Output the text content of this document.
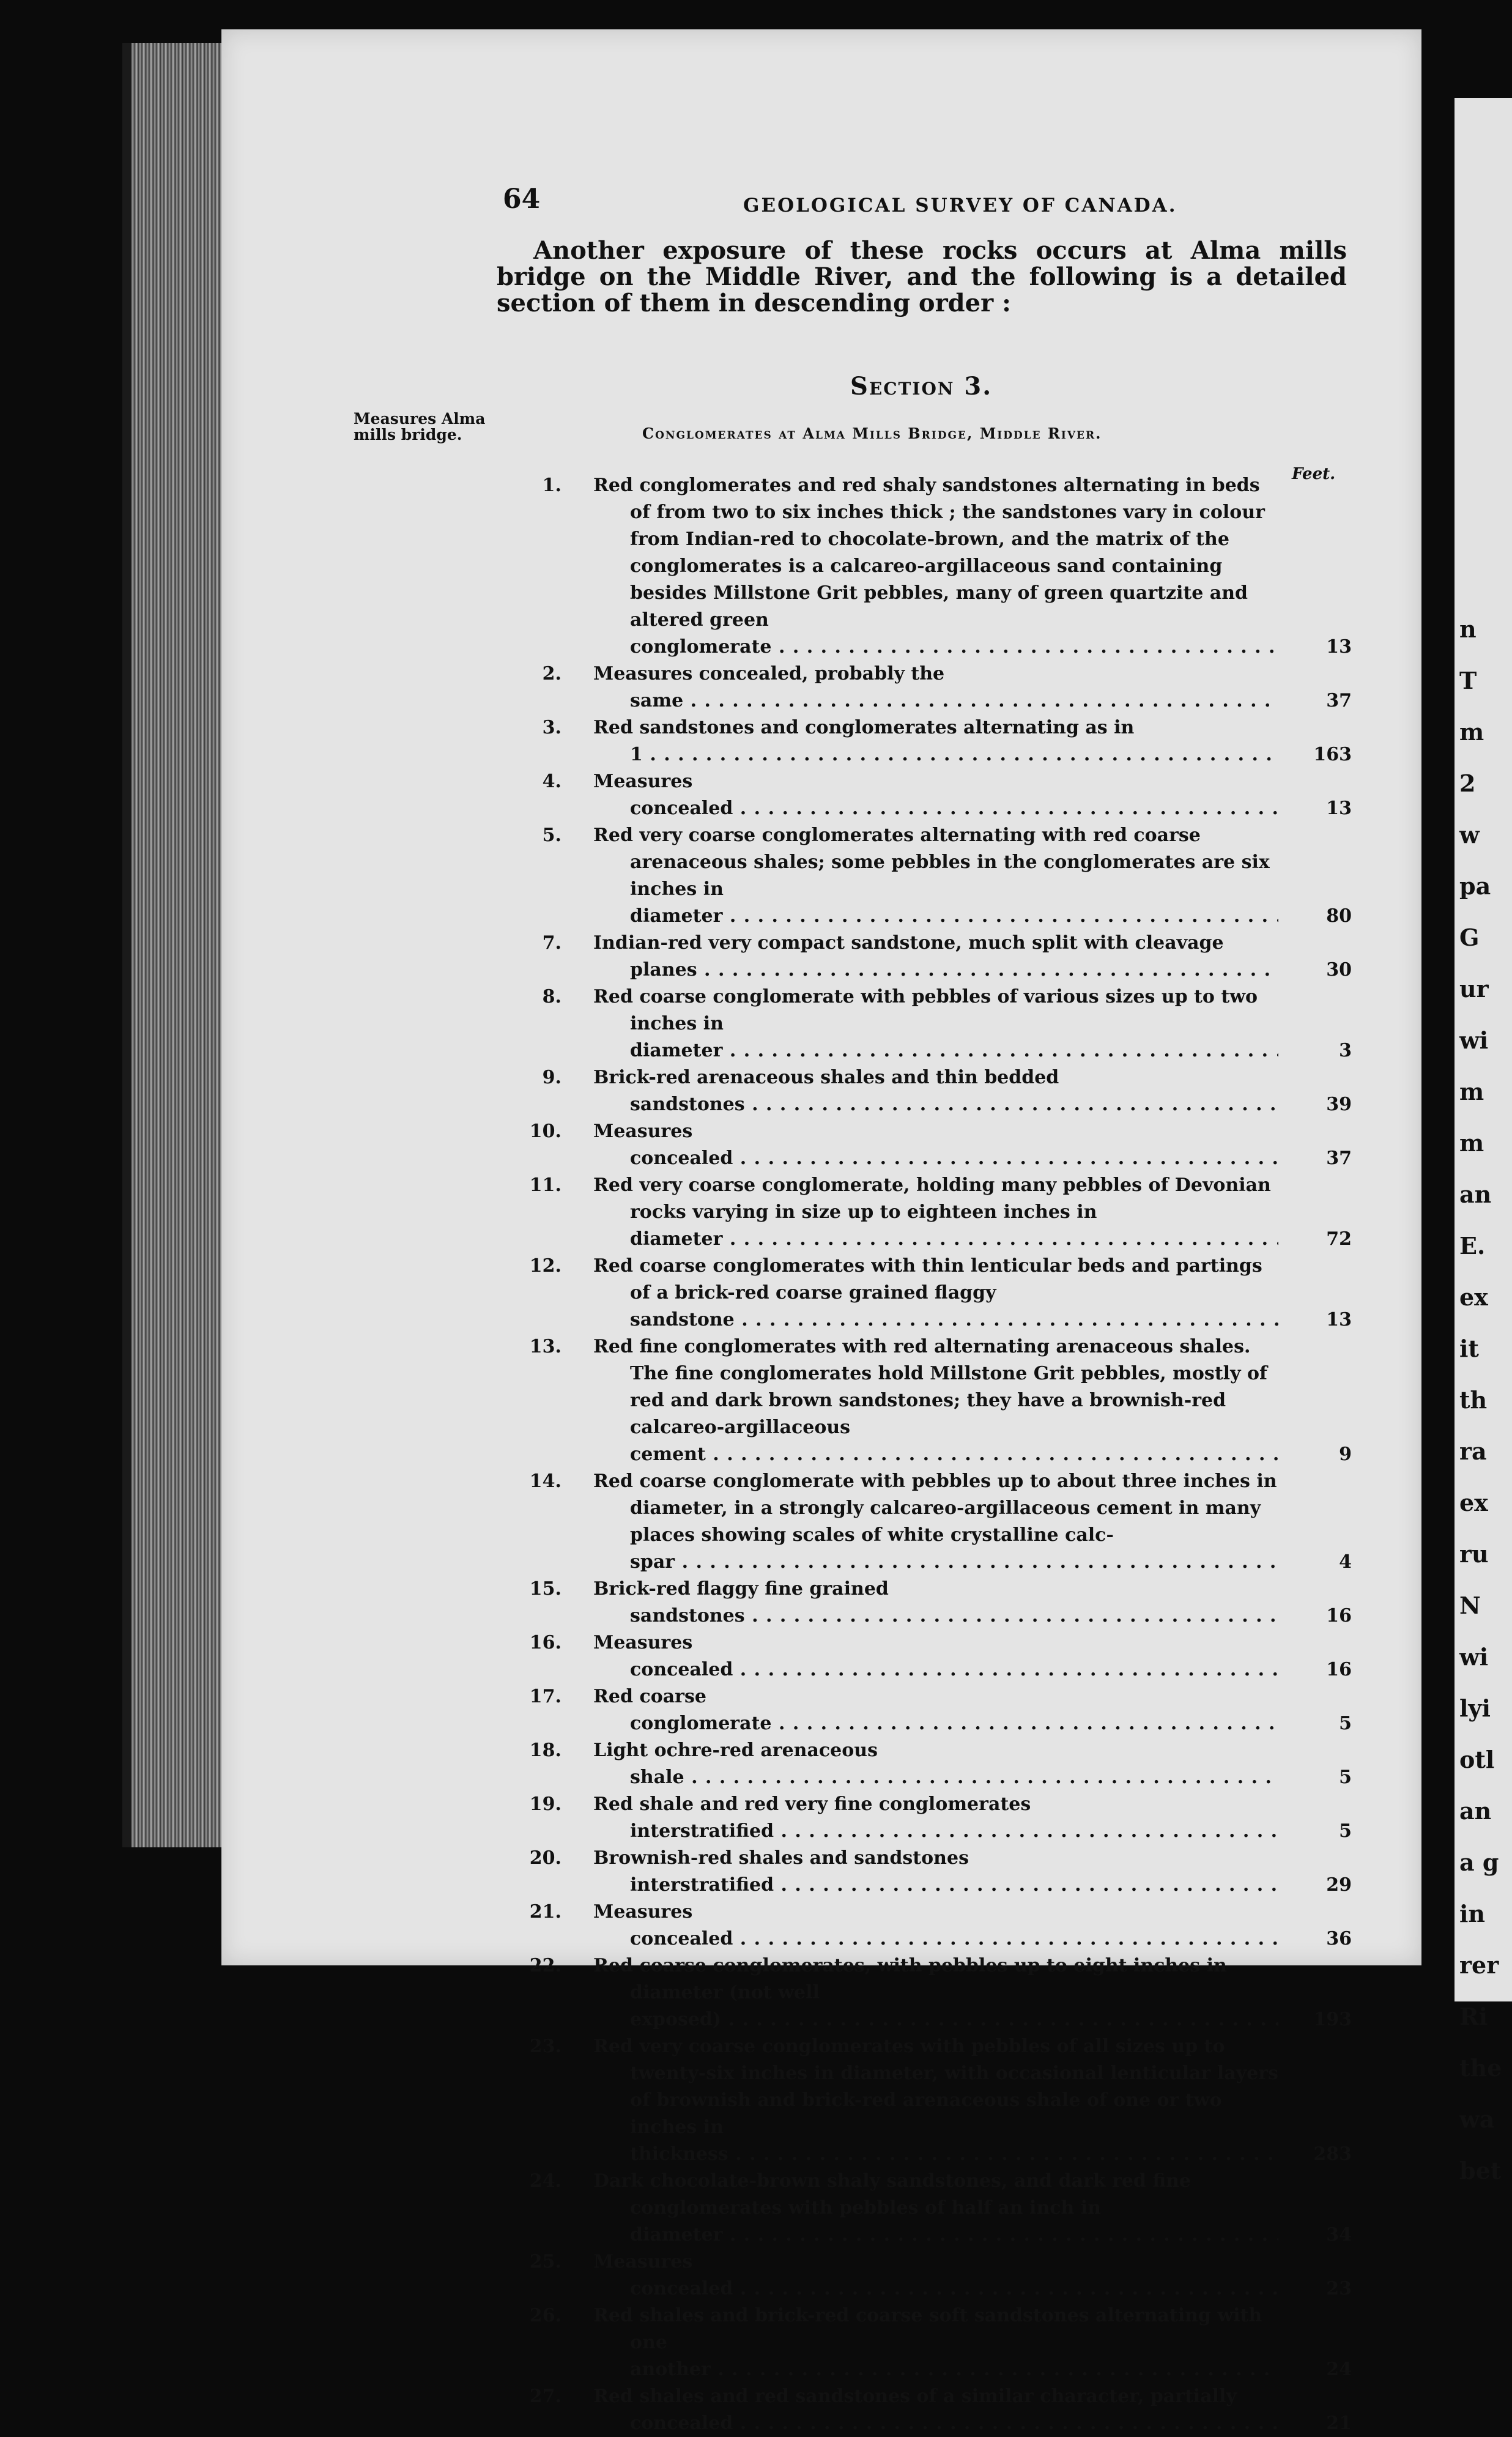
n
T
m
2
w
pa
G
ur
wi
m
m
an
E.
ex
it
th
ra
ex
ru
N
wi
lyi
otl
an
a g
in
rer
Ri
the
wa
bet
64	GEOLOGICAL SURVEY OF CANADA.

Another exposure of these rocks occurs at Alma mills bridge on the Middle River, and the following is a detailed section of them in descending order :

Section 3.
Conglomerates at Alma Mills Bridge, Middle River.

Measures Alma mills bridge.

Feet.
1. Red conglomerates and red shaly sandstones alternating in beds of from two to six inches thick ; the sandstones vary in colour from Indian-red to chocolate-brown, and the matrix of the conglomerates is a calcareo-argillaceous sand containing besides Millstone Grit pebbles, many of green quartzite and altered green conglomerate . . .	13
2. Measures concealed, probably the same . . .	37
3. Red sandstones and conglomerates alternating as in 1 . . .	163
4. Measures concealed . . .	13
5. Red very coarse conglomerates alternating with red coarse arenaceous shales; some pebbles in the conglomerates are six inches in diameter . . .	80
7. Indian-red very compact sandstone, much split with cleavage planes . . .	30
8. Red coarse conglomerate with pebbles of various sizes up to two inches in diameter . . .	3
9. Brick-red arenaceous shales and thin bedded sandstones . . .	39
10. Measures concealed . . .	37
11. Red very coarse conglomerate, holding many pebbles of Devonian rocks varying in size up to eighteen inches in diameter . . .	72
12. Red coarse conglomerates with thin lenticular beds and partings of a brick-red coarse grained flaggy sandstone . . .	13
13. Red fine conglomerates with red alternating arenaceous shales. The fine conglomerates hold Millstone Grit pebbles, mostly of red and dark brown sandstones; they have a brownish-red calcareo-argillaceous cement . . .	9
14. Red coarse conglomerate with pebbles up to about three inches in diameter, in a strongly calcareo-argillaceous cement in many places showing scales of white crystalline calc-spar . . .	4
15. Brick-red flaggy fine grained sandstones . . .	16
16. Measures concealed . . .	16
17. Red coarse conglomerate . . .	5
18. Light ochre-red arenaceous shale . . .	5
19. Red shale and red very fine conglomerates interstratified . . .	5
20. Brownish-red shales and sandstones interstratified . . .	29
21. Measures concealed . . .	36
22. Red coarse conglomerates, with pebbles up to eight inches in diameter (not well exposed) . . .	193
23. Red very coarse conglomerates with pebbles of all sizes up to twenty-six inches in diameter, with occasional lenticular layers of brownish and brick-red arenaceous shale of one or two inches in thickness . . .	283
24. Dark chocolate-brown shaly sandstones, and dark red fine conglomerates with pebbles of half an inch in diameter . . .	34
25. Measures concealed . . .	23
26. Red shales and brick-red coarse soft sandstones alternating with one another . . .	24
27. Red shales and red sandstones of a similar character, partially concealed . . .	21
